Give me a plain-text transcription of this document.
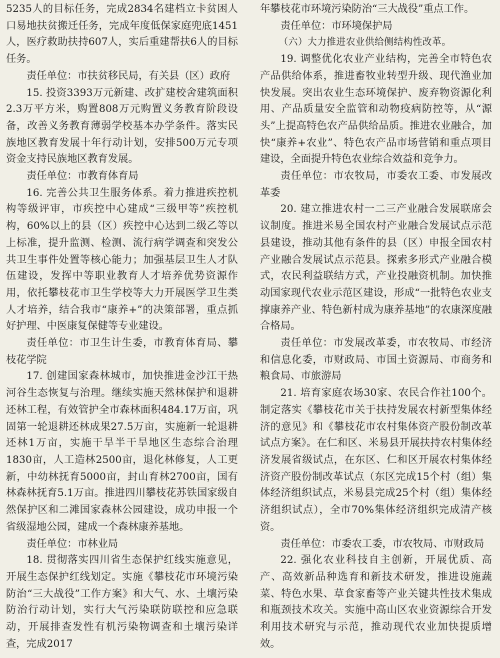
5235人的目标任务，完成2834名建档立卡贫困人口易地扶贫搬迁任务，完成年度低保家庭兜底1451人，医疗救助扶持607人，实后重建帮扶6人的目标任务。

责任单位：市扶贫移民局，有关县（区）政府

15. 投资3393万元新建、改扩建校舍建筑面积2.3万平方米，购置808万元购置义务教育阶段设备，改善义务教育薄弱学校基本办学条件。落实民族地区教育发展十年行动计划，安排500万元专项资金支持民族地区教育发展。

责任单位：市教育体育局

16. 完善公共卫生服务体系。着力推进疾控机构等级评审，市疾控中心建成“三级甲等”疾控机构，60%以上的县（区）疾控中心达到二级乙等以上标准，提升监测、检测、流行病学调查和突发公共卫生事件处置等核心能力；加强基层卫生人才队伍建设，发挥中等职业教育人才培养优势资源作用，依托攀枝花市卫生学校等大力开展医学卫生类人才培养，结合我市“康养+”的决策部署，重点抓好护理、中医康复保健等专业建设。

责任单位：市卫生计生委，市教育体育局、攀枝花学院

17. 创建国家森林城市，加快推进金沙江干热河谷生态恢复与治理。继续实施天然林保护和退耕还林工程，有效管护全市森林面积484.17万亩，巩固第一轮退耕还林成果27.5万亩，实施新一轮退耕还林1万亩，实施干旱半干旱地区生态综合治理1830亩，人工造林2500亩，退化林修复，人工更新，中幼林抚育5000亩，封山育林2700亩，国有林森林抚育5.1万亩。推进四川攀枝花苏铁国家级自然保护区和二滩国家森林公园建设，成功申报一个省级湿地公园，建成一个森林康养基地。

责任单位：市林业局

18. 贯彻落实四川省生态保护红线实施意见，开展生态保护红线划定。实施《攀枝花市环境污染防治“三大战役”工作方案》和大气、水、土壤污染防治行动计划，实行大气污染联防联控和应急联动，开展排查发性有机污染物调查和土壤污染详查，完成2017

年攀枝花市环境污染防治“三大战役”重点工作。

责任单位：市环境保护局

（六）大力推进农业供给侧结构性改革。

19. 调整优化农业产业结构，完善全市特色农产品供给体系，推进畜牧业转型升级、现代渔业加快发展。突出农业生态环境保护、废弃物资源化利用、产品质量安全监管和动物疫病防控等，从“源头”上提高特色农产品供给品质。推进农业融合，加快“康养+农业”、特色农产品市场营销和重点项目建设，全面提升特色农业综合效益和竞争力。

责任单位：市农牧局，市委农工委、市发展改革委

20. 建立推进农村一二三产业融合发展联席会议制度。推进米易全国农村产业融合发展试点示范县建设，推动其他有条件的县（区）申报全国农村产业融合发展试点示范县。探索多形式产业融合模式，农民利益联结方式，产业投融资机制。加快推动国家现代农业示范区建设，形成“一批特色农业支撑康养产业、特色新村成为康养基地”的农康深度融合格局。

责任单位：市发展改革委，市农牧局、市经济和信息化委，市财政局、市国土资源局、市商务和粮食局、市旅游局

21. 培育家庭农场30家、农民合作社100个。制定落实《攀枝花市关于扶持发展农村新型集体经济的意见》和《攀枝花市农村集体资产股份制改革试点方案》。在仁和区、米易县开展扶持农村集体经济发展省级试点，在东区、仁和区开展农村集体经济资产股份制改革试点（东区完成15个村（组）集体经济组织试点，米易县完成25个村（组）集体经济组织试点），全市70%集体经济组织完成清产核资。

责任单位：市委农工委，市农牧局、市财政局

22. 强化农业科技自主创新，开展优质、高产、高效新品种选育和新技术研发，推进设施蔬菜、特色水果、草食家畜等产业关键共性技术集成和瓶颈技术攻关。实施中高山区农业资源综合开发利用技术研究与示范，推动现代农业加快提质增效。
